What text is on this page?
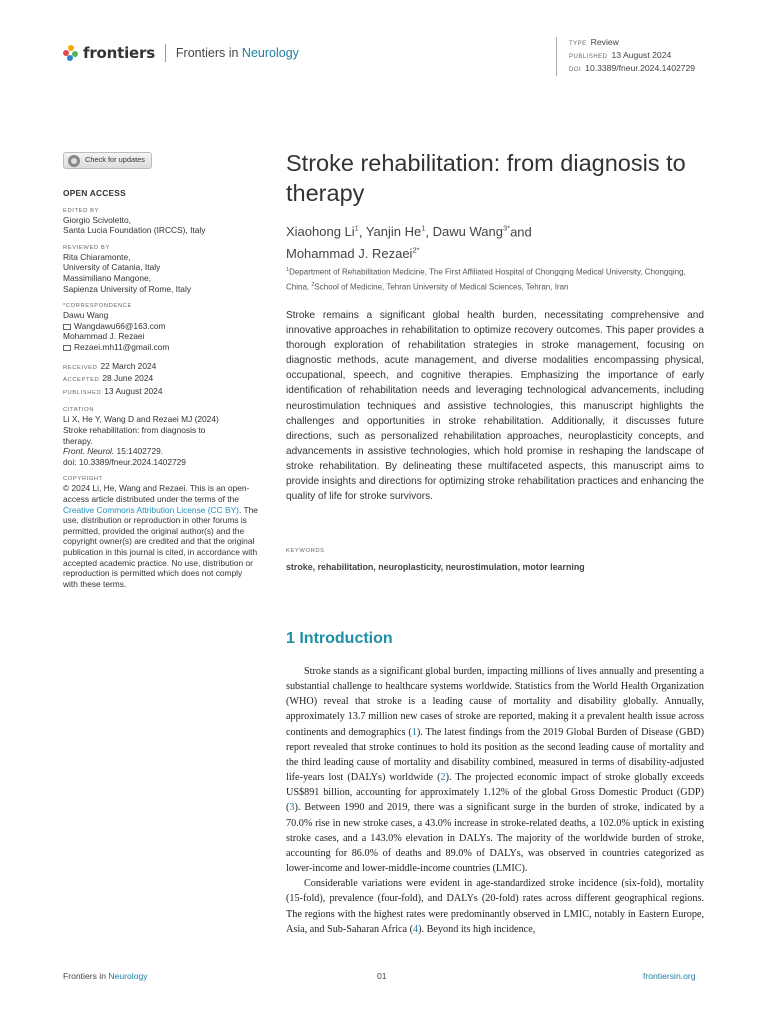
frontiers Frontiers in Neurology
TYPE Review
PUBLISHED 13 August 2024
DOI 10.3389/fneur.2024.1402729
Check for updates
OPEN ACCESS
EDITED BY

Giorgio Scivoletto,

Santa Lucia Foundation (IRCCS), Italy

REVIEWED BY

Rita Chiaramonte,

University of Catania, Italy

Massimiliano Mangone,

Sapienza University of Rome, Italy

*CORRESPONDENCE

Dawu Wang

Wangdawu66@163.com

Mohammad J. Rezaei

Rezaei.mh11@gmail.com

RECEIVED 22 March 2024

ACCEPTED 28 June 2024

PUBLISHED 13 August 2024

CITATION

Li X, He Y, Wang D and Rezaei MJ (2024)

Stroke rehabilitation: from diagnosis to

therapy.

Front. Neurol. 15:1402729.

doi: 10.3389/fneur.2024.1402729

COPYRIGHT

© 2024 Li, He, Wang and Rezaei. This is an open-access article distributed under the terms of the Creative Commons Attribution License (CC BY). The use, distribution or reproduction in other forums is permitted, provided the original author(s) and the copyright owner(s) are credited and that the original publication in this journal is cited, in accordance with accepted academic practice. No use, distribution or reproduction is permitted which does not comply with these terms.

Stroke rehabilitation: from diagnosis to therapy
Xiaohong Li$^1$, Yanjin He$^1$, Dawu Wang$^{3*}$and
Mohammad J. Rezaei$^{2*}$
$^1$Department of Rehabilitation Medicine, The First Affiliated Hospital of Chongqing Medical University, Chongqing, China, $^2$School of Medicine, Tehran University of Medical Sciences, Tehran, Iran
Stroke remains a significant global health burden, necessitating comprehensive and innovative approaches in rehabilitation to optimize recovery outcomes. This paper provides a thorough exploration of rehabilitation strategies in stroke management, focusing on diagnostic methods, acute management, and diverse modalities encompassing physical, occupational, speech, and cognitive therapies. Emphasizing the importance of early identification of rehabilitation needs and leveraging technological advancements, including neurostimulation techniques and assistive technologies, this manuscript highlights the challenges and opportunities in stroke rehabilitation. Additionally, it discusses future directions, such as personalized rehabilitation approaches, neuroplasticity concepts, and advancements in assistive technologies, which hold promise in reshaping the landscape of stroke rehabilitation. By delineating these multifaceted aspects, this manuscript aims to provide insights and directions for optimizing stroke rehabilitation practices and enhancing the quality of life for stroke survivors.
KEYWORDS
stroke, rehabilitation, neuroplasticity, neurostimulation, motor learning
1 Introduction

Stroke stands as a significant global burden, impacting millions of lives annually and presenting a substantial challenge to healthcare systems worldwide. Statistics from the World Health Organization (WHO) reveal that stroke is a leading cause of mortality and disability globally. Annually, approximately 13.7 million new cases of stroke are reported, making it a prevalent health issue across continents and demographics (1). The latest findings from the 2019 Global Burden of Disease (GBD) report revealed that stroke continues to hold its position as the second leading cause of mortality and the third leading cause of mortality and disability combined, measured in terms of disability-adjusted life-years lost (DALYs) worldwide (2). The projected economic impact of stroke globally exceeds US$891 billion, accounting for approximately 1.12% of the global Gross Domestic Product (GDP) (3). Between 1990 and 2019, there was a significant surge in the burden of stroke, indicated by a 70.0% rise in new stroke cases, a 43.0% increase in stroke-related deaths, a 102.0% uptick in existing stroke cases, and a 143.0% elevation in DALYs. The majority of the worldwide burden of stroke, accounting for 86.0% of deaths and 89.0% of DALYs, was observed in countries categorized as lower-income and lower-middle-income countries (LMIC).

Considerable variations were evident in age-standardized stroke incidence (six-fold), mortality (15-fold), prevalence (four-fold), and DALYs (20-fold) rates across different geographical regions. The regions with the highest rates were predominantly observed in LMIC, notably in Eastern Europe, Asia, and Sub-Saharan Africa (4). Beyond its high incidence,

Frontiers in Neurology	01	frontiersin.org
